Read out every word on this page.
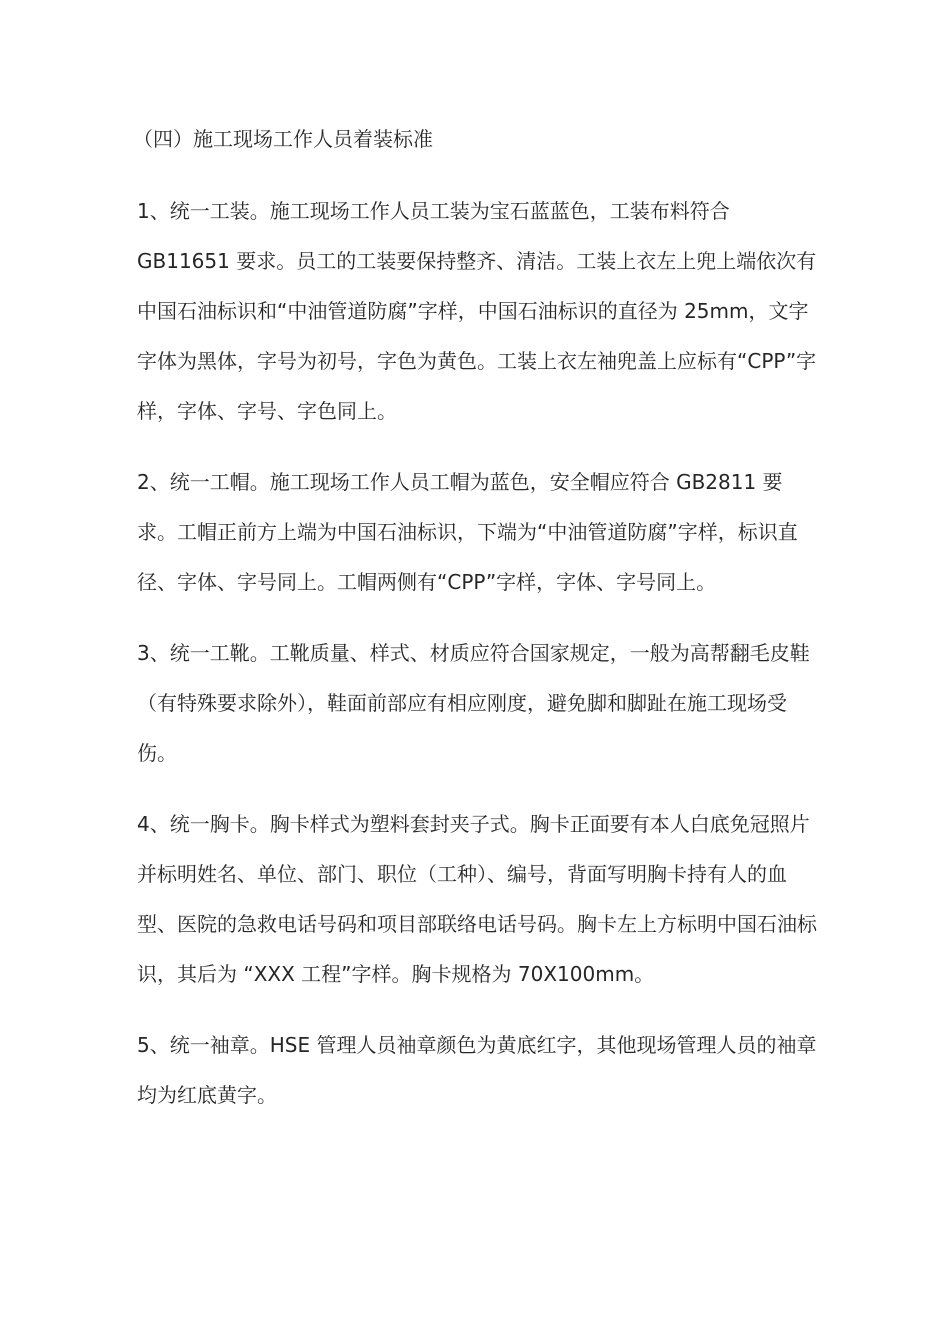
（四）施工现场工作人员着装标准

1、统一工装。施工现场工作人员工装为宝石蓝蓝色，工装布料符合 GB11651 要求。员工的工装要保持整齐、清洁。工装上衣左上兜上端依次有中国石油标识和“中油管道防腐”字样，中国石油标识的直径为 25mm，文字字体为黑体，字号为初号，字色为黄色。工装上衣左袖兜盖上应标有“CPP”字样，字体、字号、字色同上。

2、统一工帽。施工现场工作人员工帽为蓝色，安全帽应符合 GB2811 要求。工帽正前方上端为中国石油标识，下端为“中油管道防腐”字样，标识直径、字体、字号同上。工帽两侧有“CPP”字样，字体、字号同上。

3、统一工靴。工靴质量、样式、材质应符合国家规定，一般为高帮翻毛皮鞋（有特殊要求除外），鞋面前部应有相应刚度，避免脚和脚趾在施工现场受伤。

4、统一胸卡。胸卡样式为塑料套封夹子式。胸卡正面要有本人白底免冠照片并标明姓名、单位、部门、职位（工种）、编号，背面写明胸卡持有人的血型、医院的急救电话号码和项目部联络电话号码。胸卡左上方标明中国石油标识，其后为 “XXX 工程”字样。胸卡规格为 70X100mm。

5、统一袖章。HSE 管理人员袖章颜色为黄底红字，其他现场管理人员的袖章均为红底黄字。
